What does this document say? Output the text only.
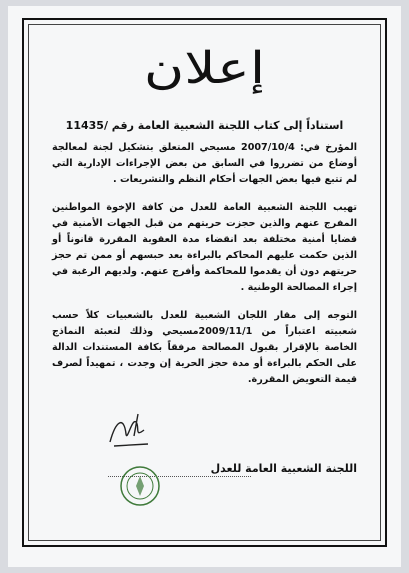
إعلان

استناداً إلى كتاب اللجنة الشعبية العامة رقم /11435

المؤرخ في: 2007/10/4 مسيحي المتعلق بتشكيل لجنة لمعالجة أوضاع من تضرروا في السابق من بعض الإجراءات الإدارية التي لم تتبع فيها بعض الجهات أحكام النظم والتشريعات .

تهيب اللجنة الشعبية العامة للعدل من كافة الإخوة المواطنين المفرج عنهم والذين حجزت حريتهم من قبل الجهات الأمنية في قضايا أمنية مختلفة بعد انقضاء مدة العقوبة المقررة قانوناً أو الذين حكمت عليهم المحاكم بالبراءة بعد حبسهم أو ممن تم حجز حريتهم دون أن يقدموا للمحاكمة وأفرج عنهم. ولديهم الرغبة في إجراء المصالحة الوطنية .

التوجه إلى مقار اللجان الشعبية للعدل بالشعبيات كلاً حسب شعبيته اعتباراً من 2009/11/1مسيحي وذلك لتعبئة النماذج الخاصة بالإقرار بقبول المصالحة مرفقاً بكافة المستندات الدالة على الحكم بالبراءة أو مدة حجز الحرية إن وجدت ، تمهيداً لصرف قيمة التعويض المقررة.

اللجنة الشعبية العامة للعدل
